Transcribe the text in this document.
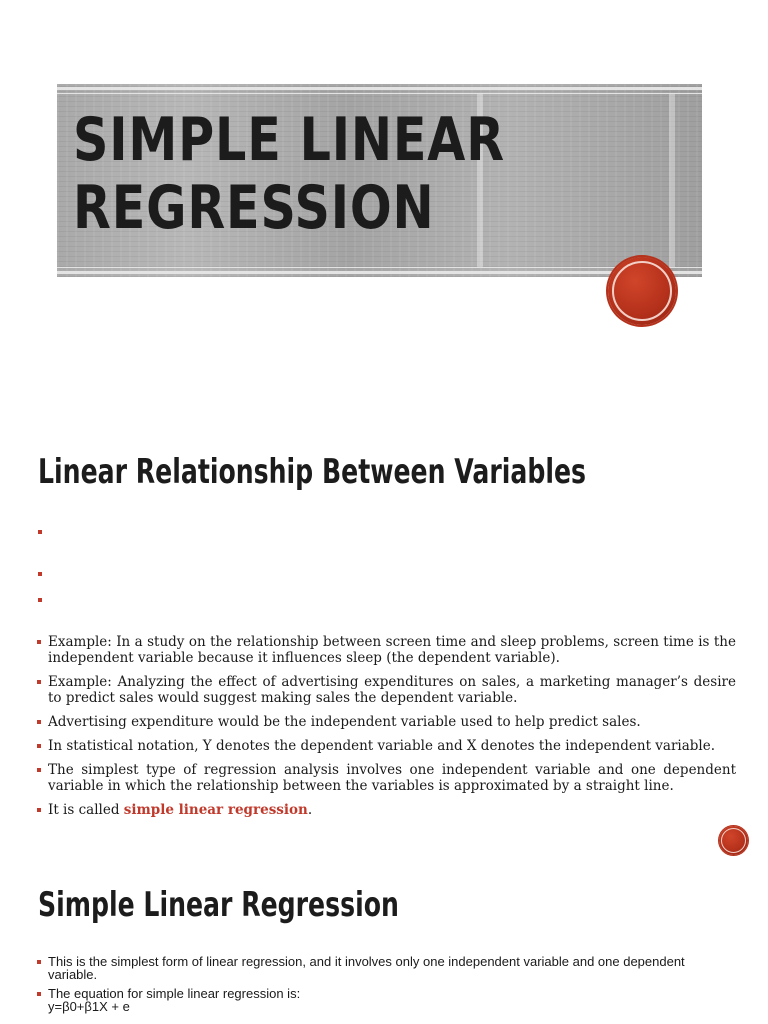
SIMPLE LINEAR REGRESSION
Linear Relationship Between Variables
Example: In a study on the relationship between screen time and sleep problems, screen time is the independent variable because it influences sleep (the dependent variable).
Example: Analyzing the effect of advertising expenditures on sales, a marketing manager’s desire to predict sales would suggest making sales the dependent variable.
Advertising expenditure would be the independent variable used to help predict sales.
In statistical notation, Y denotes the dependent variable and X denotes the independent variable.
The simplest type of regression analysis involves one independent variable and one dependent variable in which the relationship between the variables is approximated by a straight line.
It is called simple linear regression.
Simple Linear Regression
This is the simplest form of linear regression, and it involves only one independent variable and one dependent variable.
The equation for simple linear regression is:
y=β0+β1X + e
